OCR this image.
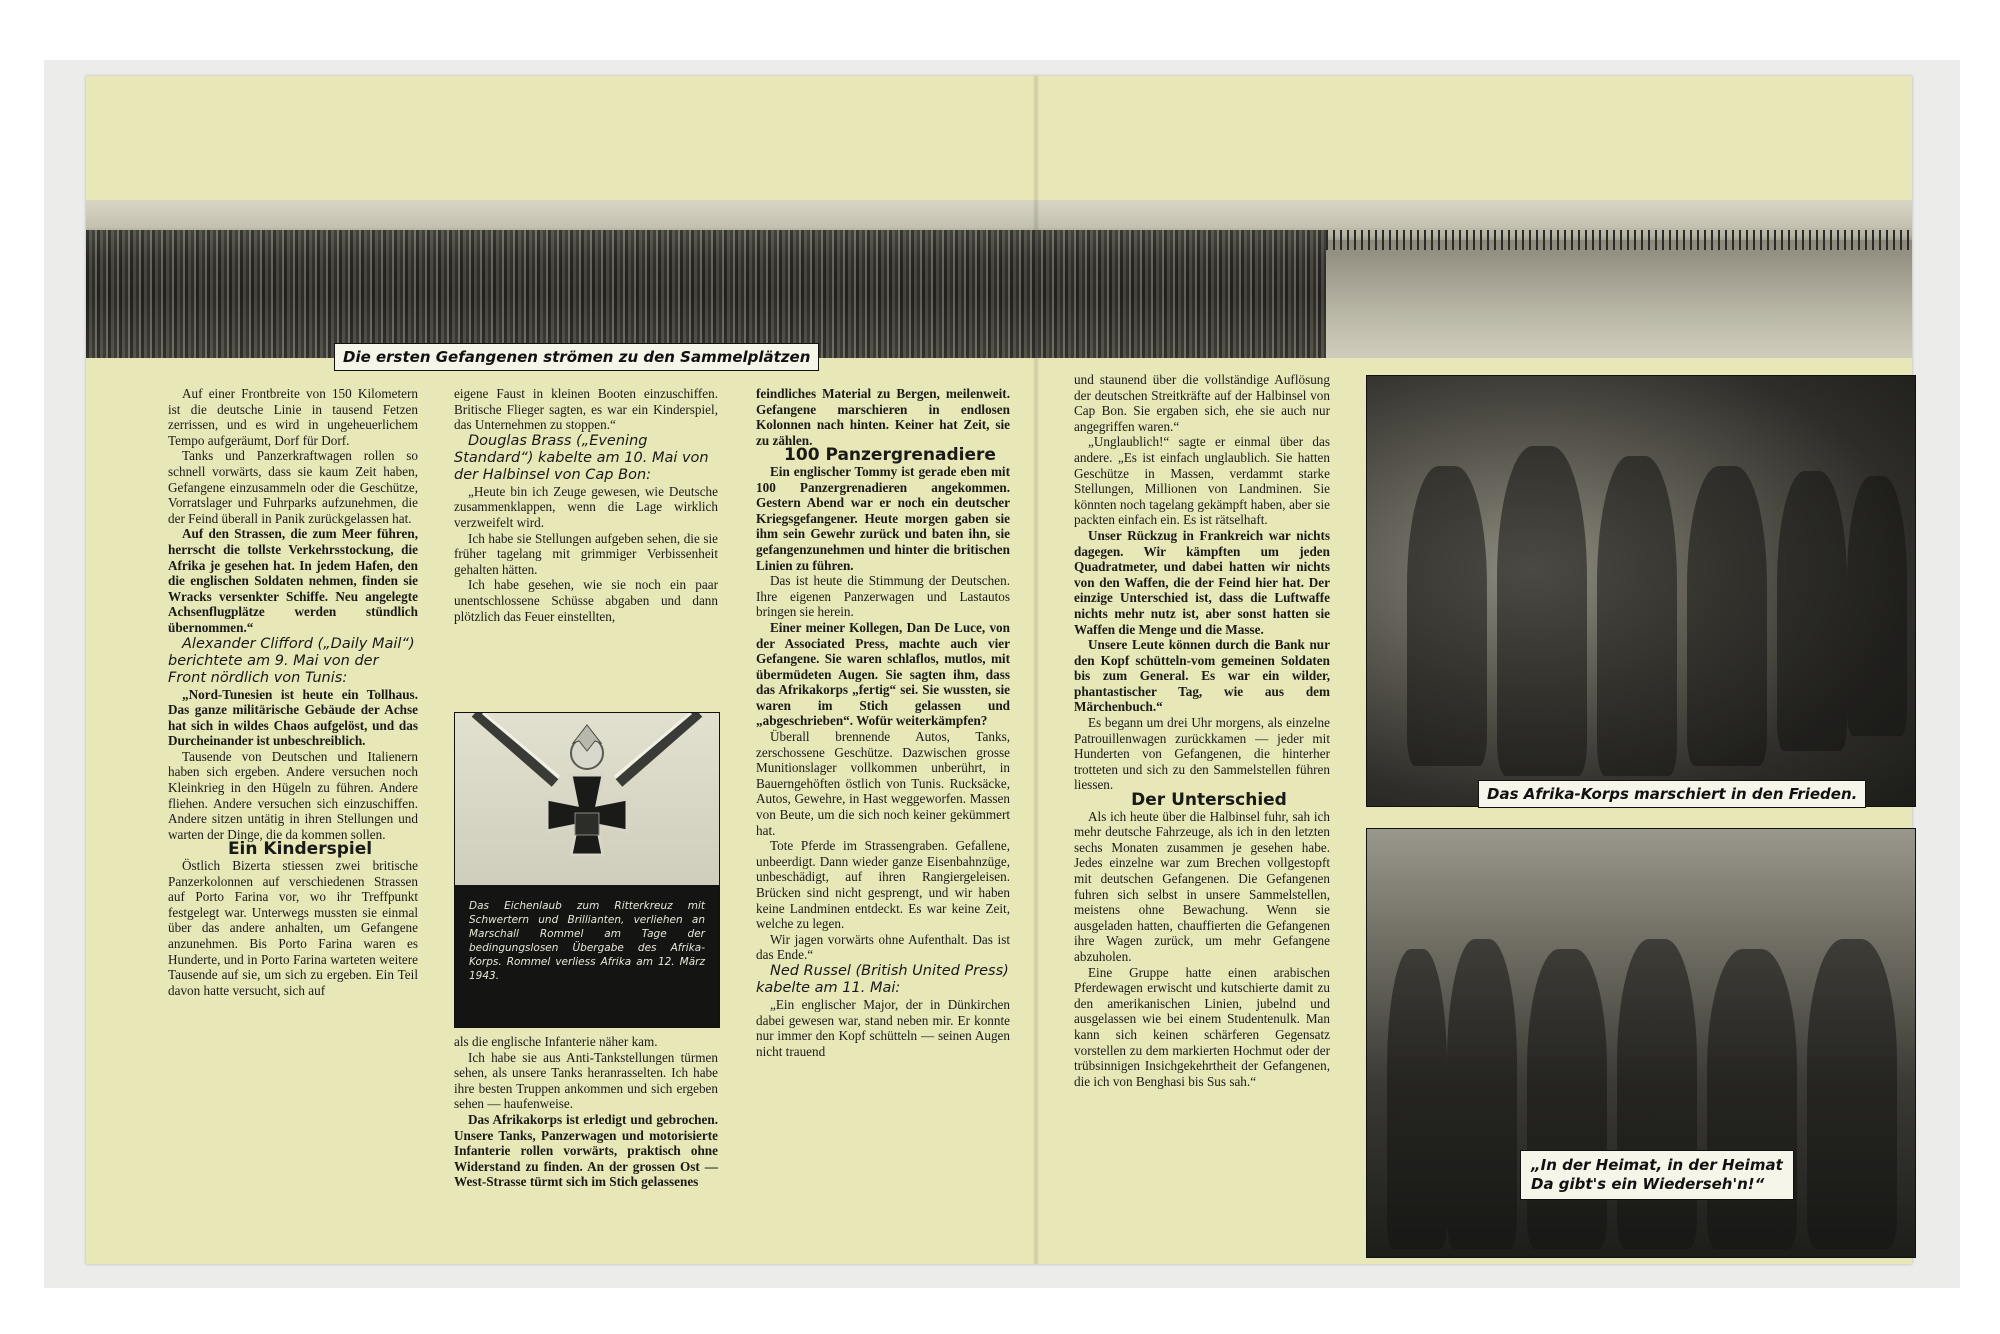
Die ersten Gefangenen strömen zu den Sammelplätzen

Auf einer Frontbreite von 150 Kilometern ist die deutsche Linie in tausend Fetzen zerrissen, und es wird in ungeheuerlichem Tempo aufgeräumt, Dorf für Dorf.

Tanks und Panzerkraftwagen rollen so schnell vorwärts, dass sie kaum Zeit haben, Gefangene einzusammeln oder die Geschütze, Vorratslager und Fuhrparks aufzunehmen, die der Feind überall in Panik zurückgelassen hat.

Auf den Strassen, die zum Meer führen, herrscht die tollste Verkehrsstockung, die Afrika je gesehen hat. In jedem Hafen, den die englischen Soldaten nehmen, finden sie Wracks versenkter Schiffe. Neu angelegte Achsenflugplätze werden stündlich übernommen.“

Alexander Clifford („Daily Mail“) berichtete am 9. Mai von der Front nördlich von Tunis:

„Nord-Tunesien ist heute ein Tollhaus. Das ganze militärische Gebäude der Achse hat sich in wildes Chaos aufgelöst, und das Durcheinander ist unbeschreiblich.

Tausende von Deutschen und Italienern haben sich ergeben. Andere versuchen noch Kleinkrieg in den Hügeln zu führen. Andere fliehen. Andere versuchen sich einzuschiffen. Andere sitzen untätig in ihren Stellungen und warten der Dinge, die da kommen sollen.

Ein Kinderspiel

Östlich Bizerta stiessen zwei britische Panzerkolonnen auf verschiedenen Strassen auf Porto Farina vor, wo ihr Treffpunkt festgelegt war. Unterwegs mussten sie einmal über das andere anhalten, um Gefangene anzunehmen. Bis Porto Farina waren es Hunderte, und in Porto Farina warteten weitere Tausende auf sie, um sich zu ergeben. Ein Teil davon hatte versucht, sich auf

eigene Faust in kleinen Booten einzuschiffen. Britische Flieger sagten, es war ein Kinderspiel, das Unternehmen zu stoppen.“

Douglas Brass („Evening Standard“) kabelte am 10. Mai von der Halbinsel von Cap Bon:

„Heute bin ich Zeuge gewesen, wie Deutsche zusammenklappen, wenn die Lage wirklich verzweifelt wird.

Ich habe sie Stellungen aufgeben sehen, die sie früher tagelang mit grimmiger Verbissenheit gehalten hätten.

Ich habe gesehen, wie sie noch ein paar unentschlossene Schüsse abgaben und dann plötzlich das Feuer einstellten,

Das Eichenlaub zum Ritterkreuz mit Schwertern und Brillianten, verliehen an Marschall Rommel am Tage der bedingungslosen Übergabe des Afrika-Korps. Rommel verliess Afrika am 12. März 1943.

als die englische Infanterie näher kam.

Ich habe sie aus Anti-Tankstellungen türmen sehen, als unsere Tanks heranrasselten. Ich habe ihre besten Truppen ankommen und sich ergeben sehen — haufenweise.

Das Afrikakorps ist erledigt und gebrochen. Unsere Tanks, Panzerwagen und motorisierte Infanterie rollen vorwärts, praktisch ohne Widerstand zu finden. An der grossen Ost — West-Strasse türmt sich im Stich gelassenes

feindliches Material zu Bergen, meilenweit. Gefangene marschieren in endlosen Kolonnen nach hinten. Keiner hat Zeit, sie zu zählen.

100 Panzergrenadiere

Ein englischer Tommy ist gerade eben mit 100 Panzergrenadieren angekommen. Gestern Abend war er noch ein deutscher Kriegsgefangener. Heute morgen gaben sie ihm sein Gewehr zurück und baten ihn, sie gefangenzunehmen und hinter die britischen Linien zu führen.

Das ist heute die Stimmung der Deutschen. Ihre eigenen Panzerwagen und Lastautos bringen sie herein.

Einer meiner Kollegen, Dan De Luce, von der Associated Press, machte auch vier Gefangene. Sie waren schlaflos, mutlos, mit übermüdeten Augen. Sie sagten ihm, dass das Afrikakorps „fertig“ sei. Sie wussten, sie waren im Stich gelassen und „abgeschrieben“. Wofür weiterkämpfen?

Überall brennende Autos, Tanks, zerschossene Geschütze. Dazwischen grosse Munitionslager vollkommen unberührt, in Bauerngehöften östlich von Tunis. Rucksäcke, Autos, Gewehre, in Hast weggeworfen. Massen von Beute, um die sich noch keiner gekümmert hat.

Tote Pferde im Strassengraben. Gefallene, unbeerdigt. Dann wieder ganze Eisenbahnzüge, unbeschädigt, auf ihren Rangiergeleisen. Brücken sind nicht gesprengt, und wir haben keine Landminen entdeckt. Es war keine Zeit, welche zu legen.

Wir jagen vorwärts ohne Aufenthalt. Das ist das Ende.“

Ned Russel (British United Press) kabelte am 11. Mai:

„Ein englischer Major, der in Dünkirchen dabei gewesen war, stand neben mir. Er konnte nur immer den Kopf schütteln — seinen Augen nicht trauend

und staunend über die vollständige Auflösung der deutschen Streitkräfte auf der Halbinsel von Cap Bon. Sie ergaben sich, ehe sie auch nur angegriffen waren.“

„Unglaublich!“ sagte er einmal über das andere. „Es ist einfach unglaublich. Sie hatten Geschütze in Massen, verdammt starke Stellungen, Millionen von Landminen. Sie könnten noch tagelang gekämpft haben, aber sie packten einfach ein. Es ist rätselhaft.

Unser Rückzug in Frankreich war nichts dagegen. Wir kämpften um jeden Quadratmeter, und dabei hatten wir nichts von den Waffen, die der Feind hier hat. Der einzige Unterschied ist, dass die Luftwaffe nichts mehr nutz ist, aber sonst hatten sie Waffen die Menge und die Masse.

Unsere Leute können durch die Bank nur den Kopf schütteln-vom gemeinen Soldaten bis zum General. Es war ein wilder, phantastischer Tag, wie aus dem Märchenbuch.“

Es begann um drei Uhr morgens, als einzelne Patrouillenwagen zurückkamen — jeder mit Hunderten von Gefangenen, die hinterher trotteten und sich zu den Sammelstellen führen liessen.

Der Unterschied

Als ich heute über die Halbinsel fuhr, sah ich mehr deutsche Fahrzeuge, als ich in den letzten sechs Monaten zusammen je gesehen habe. Jedes einzelne war zum Brechen vollgestopft mit deutschen Gefangenen. Die Gefangenen fuhren sich selbst in unsere Sammelstellen, meistens ohne Bewachung. Wenn sie ausgeladen hatten, chauffierten die Gefangenen ihre Wagen zurück, um mehr Gefangene abzuholen.

Eine Gruppe hatte einen arabischen Pferdewagen erwischt und kutschierte damit zu den amerikanischen Linien, jubelnd und ausgelassen wie bei einem Studentenulk. Man kann sich keinen schärferen Gegensatz vorstellen zu dem markierten Hochmut oder der trübsinnigen Insichgekehrtheit der Gefangenen, die ich von Benghasi bis Sus sah.“

Das Afrika-Korps marschiert in den Frieden.
„In der Heimat, in der Heimat
Da gibt's ein Wiederseh'n!“
